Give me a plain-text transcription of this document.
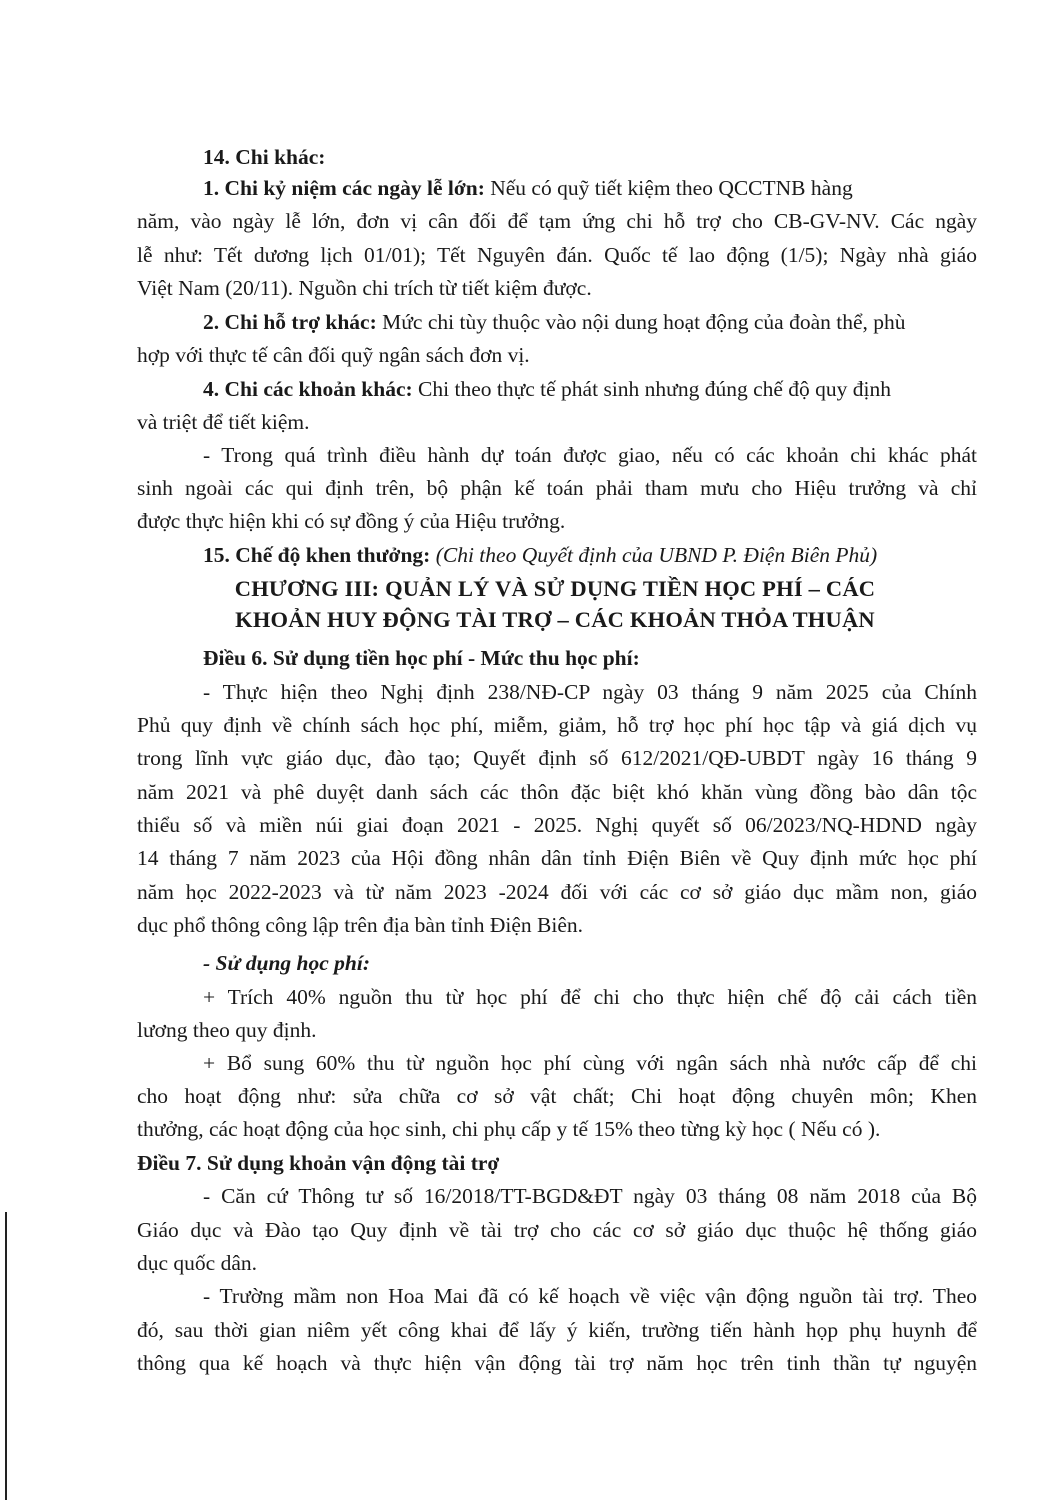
14. Chi khác:
1. Chi kỷ niệm các ngày lễ lớn: Nếu có quỹ tiết kiệm theo QCCTNB hàng
năm, vào ngày lễ lớn, đơn vị cân đối để tạm ứng chi hỗ trợ cho CB-GV-NV. Các ngày
lễ như: Tết dương lịch 01/01); Tết Nguyên đán. Quốc tế lao động (1/5); Ngày nhà giáo
Việt Nam (20/11). Nguồn chi trích từ tiết kiệm được.
2. Chi hỗ trợ khác: Mức chi tùy thuộc vào nội dung hoạt động của đoàn thể, phù
hợp với thực tế cân đối quỹ ngân sách đơn vị.
4. Chi các khoản khác: Chi theo thực tế phát sinh nhưng đúng chế độ quy định
và triệt để tiết kiệm.
- Trong quá trình điều hành dự toán được giao, nếu có các khoản chi khác phát
sinh ngoài các qui định trên, bộ phận kế toán phải tham mưu cho Hiệu trưởng và chỉ
được thực hiện khi có sự đồng ý của Hiệu trưởng.
15. Chế độ khen thưởng: (Chi theo Quyết định của UBND P. Điện Biên Phủ)
CHƯƠNG III: QUẢN LÝ VÀ SỬ DỤNG TIỀN HỌC PHÍ – CÁC
KHOẢN HUY ĐỘNG TÀI TRỢ – CÁC KHOẢN THỎA THUẬN
Điều 6. Sử dụng tiền học phí - Mức thu học phí:
- Thực hiện theo Nghị định 238/NĐ-CP ngày 03 tháng 9 năm 2025 của Chính
Phủ quy định về chính sách học phí, miễm, giảm, hỗ trợ học phí học tập và giá dịch vụ
trong lĩnh vực giáo dục, đào tạo; Quyết định số 612/2021/QĐ-UBDT ngày 16 tháng 9
năm 2021 và phê duyệt danh sách các thôn đặc biệt khó khăn vùng đồng bào dân tộc
thiểu số và miền núi giai đoạn 2021 - 2025. Nghị quyết số 06/2023/NQ-HDND ngày
14 tháng 7 năm 2023 của Hội đồng nhân dân tỉnh Điện Biên về Quy định mức học phí
năm học 2022-2023 và từ năm 2023 -2024 đối với các cơ sở giáo dục mầm non, giáo
dục phổ thông công lập trên địa bàn tỉnh Điện Biên.
- Sử dụng học phí:
+ Trích 40% nguồn thu từ học phí để chi cho thực hiện chế độ cải cách tiền
lương theo quy định.
+ Bổ sung 60% thu từ nguồn học phí cùng với ngân sách nhà nước cấp để chi
cho hoạt động như: sửa chữa cơ sở vật chất; Chi hoạt động chuyên môn; Khen
thưởng, các hoạt động của học sinh, chi phụ cấp y tế 15% theo từng kỳ học ( Nếu có ).
Điều 7. Sử dụng khoản vận động tài trợ
- Căn cứ Thông tư số 16/2018/TT-BGD&ĐT ngày 03 tháng 08 năm 2018 của Bộ
Giáo dục và Đào tạo Quy định về tài trợ cho các cơ sở giáo dục thuộc hệ thống giáo
dục quốc dân.
- Trường mầm non Hoa Mai đã có kế hoạch về việc vận động nguồn tài trợ. Theo
đó, sau thời gian niêm yết công khai để lấy ý kiến, trường tiến hành họp phụ huynh để
thông qua kế hoạch và thực hiện vận động tài trợ năm học trên tinh thần tự nguyện
